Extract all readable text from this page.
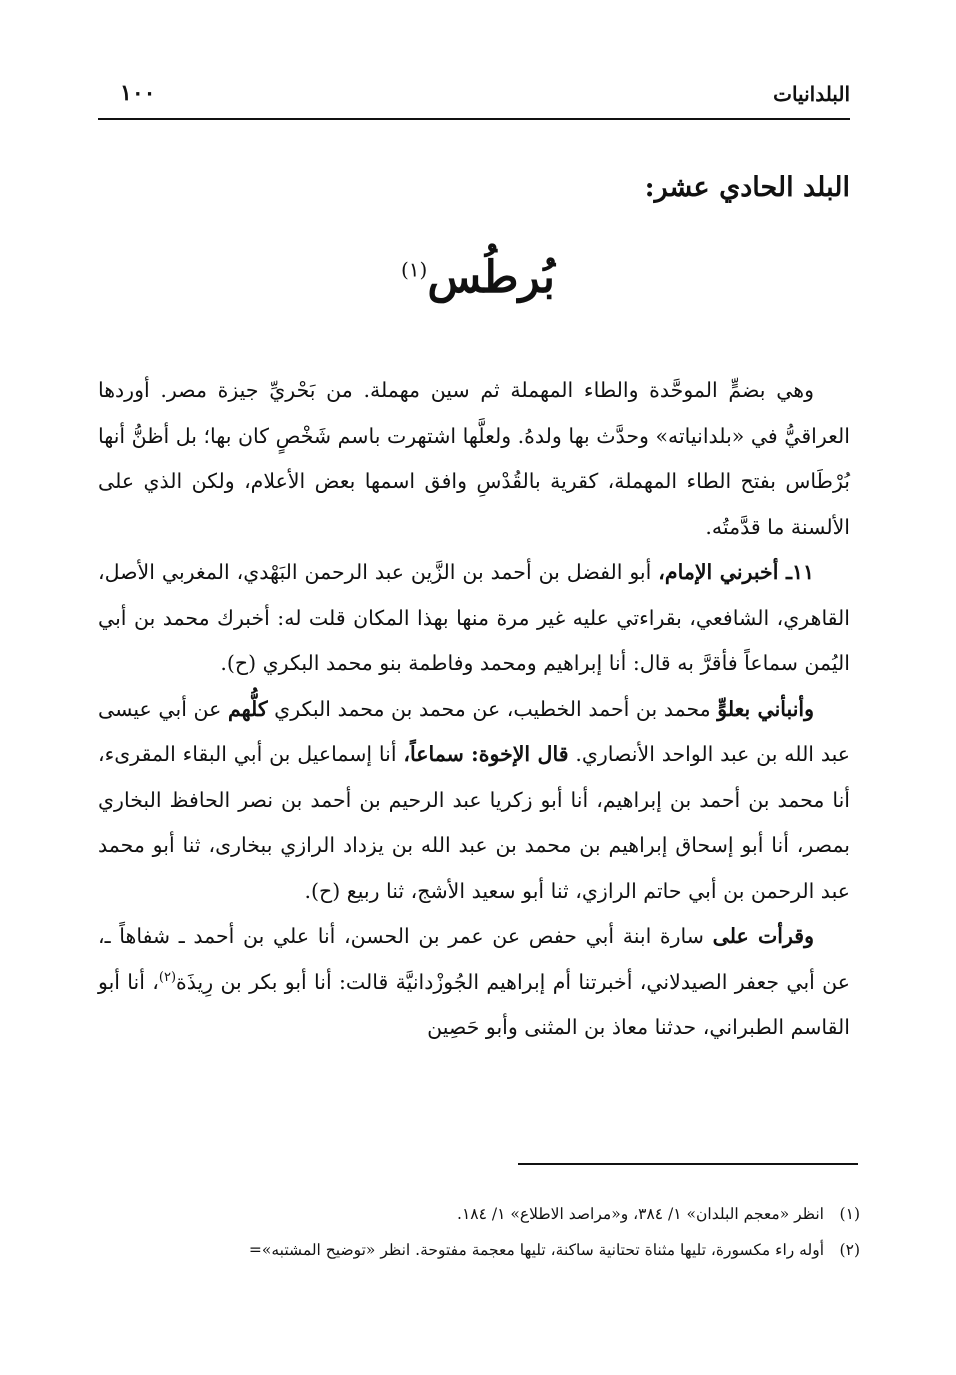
البلدانيات
١٠٠
البلد الحادي عشر:
بُرطُس$^{(١)}$

وهي بضمٍّ الموحَّدة والطاء المهملة ثم سين مهملة. من بَحْريِّ جيزة مصر. أوردها العراقيُّ في «بلدانياته» وحدَّث بها ولدهُ. ولعلَّها اشتهرت باسم شَخْصٍ كان بها؛ بل أظنُّ أنها بُرْطَاس بفتح الطاء المهملة، كقرية بالقُدْسِ وافق اسمها بعض الأعلام، ولكن الذي على الألسنة ما قدَّمتُه.

١١ـ أخبرني الإمام، أبو الفضل بن أحمد بن الزَّين عبد الرحمن البَهْدي، المغربي الأصل، القاهري، الشافعي، بقراءتي عليه غير مرة منها بهذا المكان قلت له: أخبرك محمد بن أبي اليُمن سماعاً فأقرَّ به قال: أنا إبراهيم ومحمد وفاطمة بنو محمد البكري (ح).

وأنبأني بعلوٍّ محمد بن أحمد الخطيب، عن محمد بن محمد البكري كلُّهم عن أبي عيسى عبد الله بن عبد الواحد الأنصاري. قال الإخوة: سماعاً، أنا إسماعيل بن أبي البقاء المقرىء، أنا محمد بن أحمد بن إبراهيم، أنا أبو زكريا عبد الرحيم بن أحمد بن نصر الحافظ البخاري بمصر، أنا أبو إسحاق إبراهيم بن محمد بن عبد الله بن يزداد الرازي ببخارى، ثنا أبو محمد عبد الرحمن بن أبي حاتم الرازي، ثنا أبو سعيد الأشج، ثنا ربيع (ح).

وقرأت على سارة ابنة أبي حفص عن عمر بن الحسن، أنا علي بن أحمد ـ شفاهاً ـ، عن أبي جعفر الصيدلاني، أخبرتنا أم إبراهيم الجُوزْدانيَّة قالت: أنا أبو بكر بن رِيذَة$^{(٢)}$، أنا أبو القاسم الطبراني، حدثنا معاذ بن المثنى وأبو حَصِين

(١)انظر «معجم البلدان» ١/ ٣٨٤، و«مراصد الاطلاع» ١/ ١٨٤.
(٢)أوله راء مكسورة، تليها مثناة تحتانية ساكنة، تليها معجمة مفتوحة. انظر «توضيح المشتبه»=
